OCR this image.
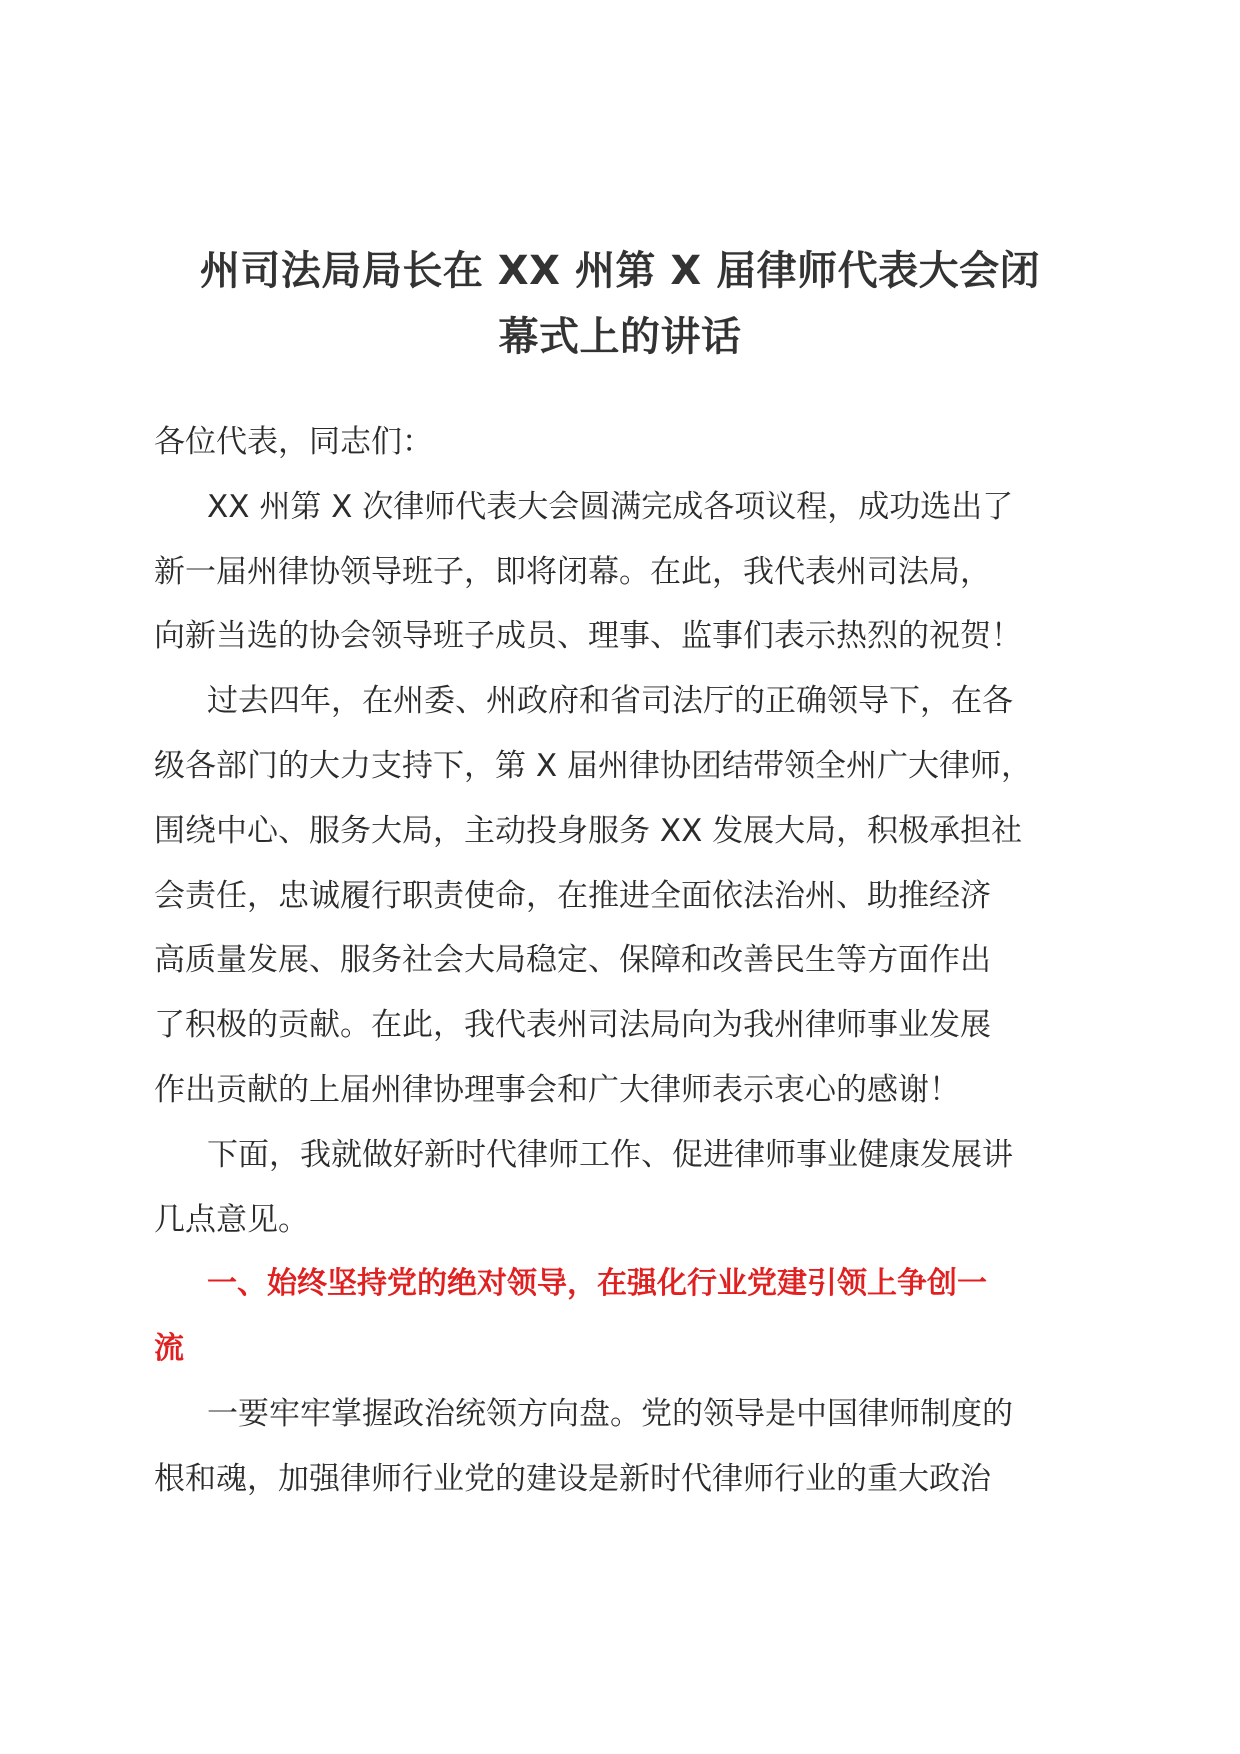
州司法局局长在 XX 州第 X 届律师代表大会闭
幕式上的讲话

各位代表，同志们：

XX 州第 X 次律师代表大会圆满完成各项议程，成功选出了
新一届州律协领导班子，即将闭幕。在此，我代表州司法局，
向新当选的协会领导班子成员、理事、监事们表示热烈的祝贺！

过去四年，在州委、州政府和省司法厅的正确领导下，在各
级各部门的大力支持下，第 X 届州律协团结带领全州广大律师，
围绕中心、服务大局，主动投身服务 XX 发展大局，积极承担社
会责任，忠诚履行职责使命，在推进全面依法治州、助推经济
高质量发展、服务社会大局稳定、保障和改善民生等方面作出
了积极的贡献。在此，我代表州司法局向为我州律师事业发展
作出贡献的上届州律协理事会和广大律师表示衷心的感谢！

下面，我就做好新时代律师工作、促进律师事业健康发展讲
几点意见。

一、始终坚持党的绝对领导，在强化行业党建引领上争创一
流

一要牢牢掌握政治统领方向盘。党的领导是中国律师制度的
根和魂，加强律师行业党的建设是新时代律师行业的重大政治
